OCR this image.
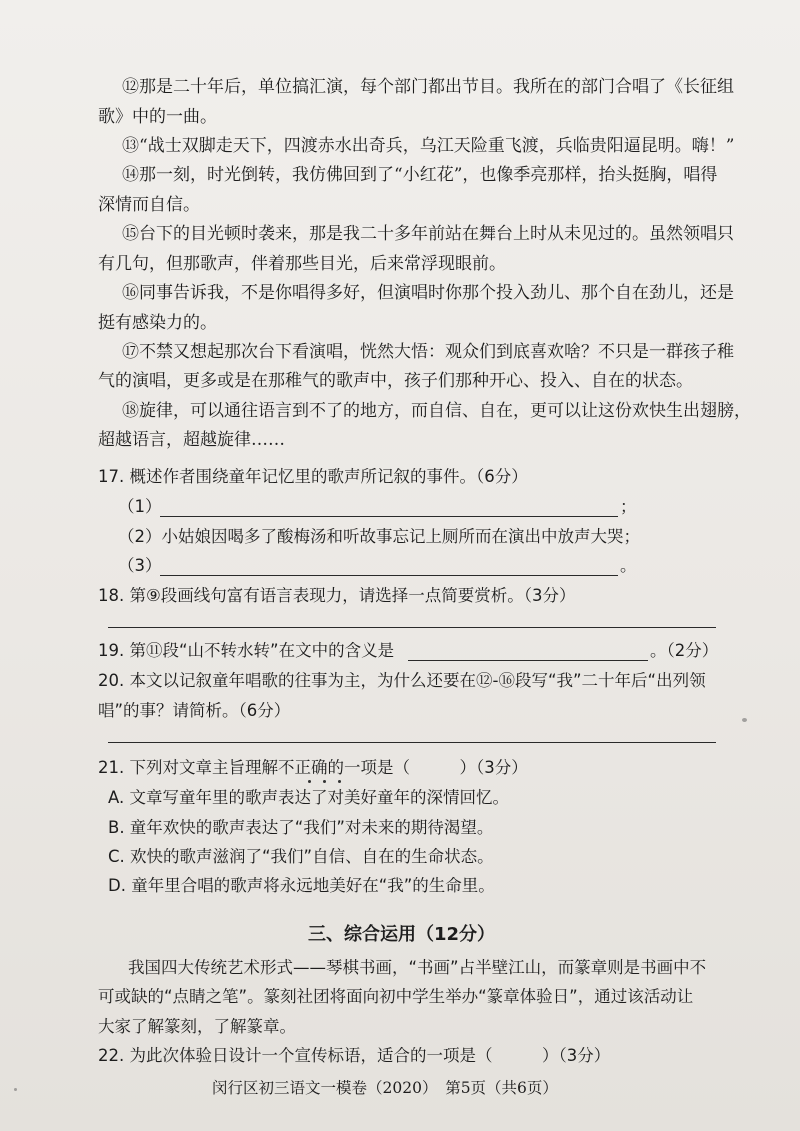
⑫那是二十年后，单位搞汇演，每个部门都出节目。我所在的部门合唱了《长征组
歌》中的一曲。
⑬“战士双脚走天下，四渡赤水出奇兵，乌江天险重飞渡，兵临贵阳逼昆明。嗨！”
⑭那一刻，时光倒转，我仿佛回到了“小红花”，也像季亮那样，抬头挺胸，唱得
深情而自信。
⑮台下的目光顿时袭来，那是我二十多年前站在舞台上时从未见过的。虽然领唱只
有几句，但那歌声，伴着那些目光，后来常浮现眼前。
⑯同事告诉我，不是你唱得多好，但演唱时你那个投入劲儿、那个自在劲儿，还是
挺有感染力的。
⑰不禁又想起那次台下看演唱，恍然大悟：观众们到底喜欢啥？不只是一群孩子稚
气的演唱，更多或是在那稚气的歌声中，孩子们那种开心、投入、自在的状态。
⑱旋律，可以通往语言到不了的地方，而自信、自在，更可以让这份欢快生出翅膀，
超越语言，超越旋律……
17. 概述作者围绕童年记忆里的歌声所记叙的事件。（6分）
（1）	；
（2）小姑娘因喝多了酸梅汤和听故事忘记上厕所而在演出中放声大哭；
（3）	。
18. 第⑨段画线句富有语言表现力，请选择一点简要赏析。（3分）
19. 第⑪段“山不转水转”在文中的含义是	。（2分）
20. 本文以记叙童年唱歌的往事为主，为什么还要在⑫-⑯段写“我”二十年后“出列领
唱”的事？请简析。（6分）
21. 下列对文章主旨理解不正确的一项是（　　　）（3分）
A. 文章写童年里的歌声表达了对美好童年的深情回忆。
B. 童年欢快的歌声表达了“我们”对未来的期待渴望。
C. 欢快的歌声滋润了“我们”自信、自在的生命状态。
D. 童年里合唱的歌声将永远地美好在“我”的生命里。
三、综合运用（12分）
我国四大传统艺术形式——琴棋书画，“书画”占半壁江山，而篆章则是书画中不
可或缺的“点睛之笔”。篆刻社团将面向初中学生举办“篆章体验日”，通过该活动让
大家了解篆刻，了解篆章。
22. 为此次体验日设计一个宣传标语，适合的一项是（　　　）（3分）
闵行区初三语文一模卷（2020）　第5页（共6页）
